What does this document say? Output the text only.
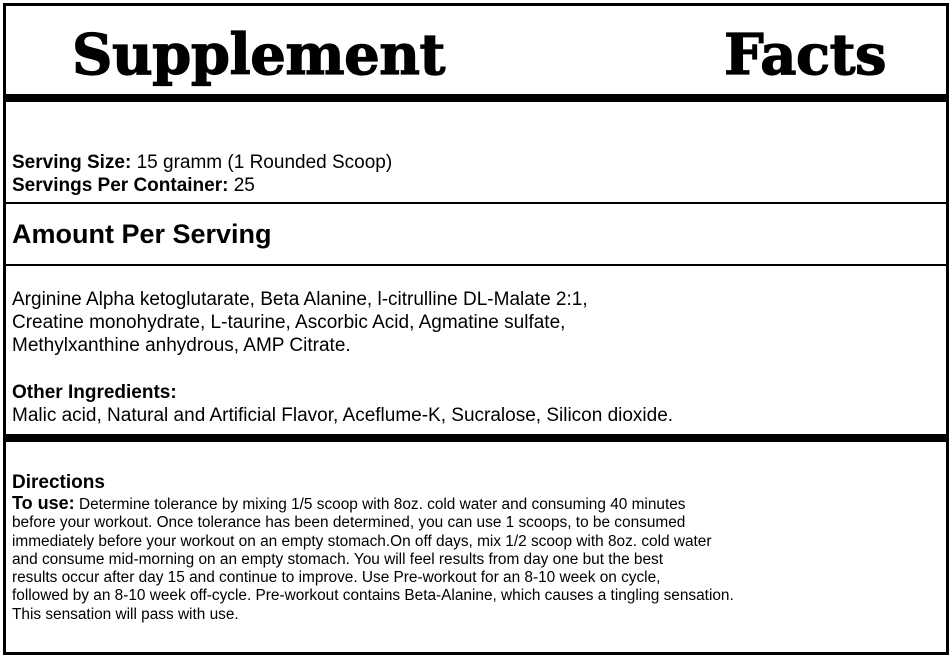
Supplement	Facts
Serving Size: 15 gramm (1 Rounded Scoop)
Servings Per Container: 25
Amount Per Serving
Arginine Alpha ketoglutarate, Beta Alanine, l-citrulline DL-Malate 2:1,
Creatine monohydrate, L-taurine, Ascorbic Acid, Agmatine sulfate,
Methylxanthine anhydrous, AMP Citrate.
Other Ingredients:
Malic acid, Natural and Artificial Flavor, Aceflume-K, Sucralose, Silicon dioxide.
Directions
To use: Determine tolerance by mixing 1/5 scoop with 8oz. cold water and consuming 40 minutes
before your workout. Once tolerance has been determined, you can use 1 scoops, to be consumed
immediately before your workout on an empty stomach.On off days, mix 1/2 scoop with 8oz. cold water
and consume mid-morning on an empty stomach. You will feel results from day one but the best
results occur after day 15 and continue to improve. Use Pre-workout for an 8-10 week on cycle,
followed by an 8-10 week off-cycle. Pre-workout contains Beta-Alanine, which causes a tingling sensation.
This sensation will pass with use.
